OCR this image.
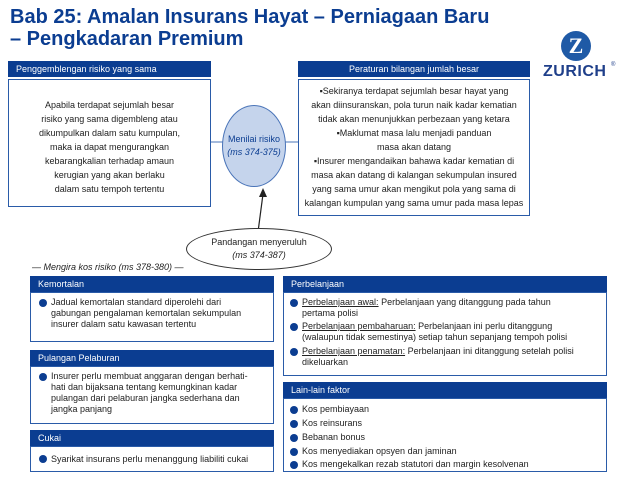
Bab 25: Amalan Insurans Hayat – Perniagaan Baru
– Pengkadaran Premium	Z
ZURICH ®
Penggemblengan risiko yang sama	Peraturan bilangan jumlah besar
Apabila terdapat sejumlah besar
risiko yang sama digembleng atau
dikumpulkan dalam satu kumpulan,
maka ia dapat mengurangkan
kebarangkalian terhadap amaun
kerugian yang akan berlaku
dalam satu tempoh tertentu
▪Sekiranya terdapat sejumlah besar hayat yang
akan diinsuranskan, pola turun naik kadar kematian
tidak akan menunjukkan perbezaan yang ketara
▪Maklumat masa lalu menjadi panduan
masa akan datang
▪Insurer mengandaikan bahawa kadar kematian di
masa akan datang di kalangan sekumpulan insured
yang sama umur akan mengikut pola yang sama di
kalangan kumpulan yang sama umur pada masa lepas
Menilai risiko
(ms 374-375)
Pandangan menyeruluh
(ms 374-387)
— Mengira kos risiko (ms 378-380) —
Kemortalan
Jadual kemortalan standard diperolehi dari
gabungan pengalaman kemortalan sekumpulan
insurer dalam satu kawasan tertentu
Pulangan Pelaburan
Insurer perlu membuat anggaran dengan berhati-
hati dan bijaksana tentang kemungkinan kadar
pulangan dari pelaburan jangka sederhana dan
jangka panjang
Cukai
Syarikat insurans perlu menanggung liabiliti cukai
Perbelanjaan
Perbelanjaan awal: Perbelanjaan yang ditanggung pada tahun
pertama polisi
Perbelanjaan pembaharuan: Perbelanjaan ini perlu ditanggung
(walaupun tidak semestinya) setiap tahun sepanjang tempoh polisi
Perbelanjaan penamatan: Perbelanjaan ini ditanggung setelah polisi
dikeluarkan
Lain-lain faktor
Kos pembiayaan
Kos reinsurans
Bebanan bonus
Kos menyediakan opsyen dan jaminan
Kos mengekalkan rezab statutori dan margin kesolvenan
